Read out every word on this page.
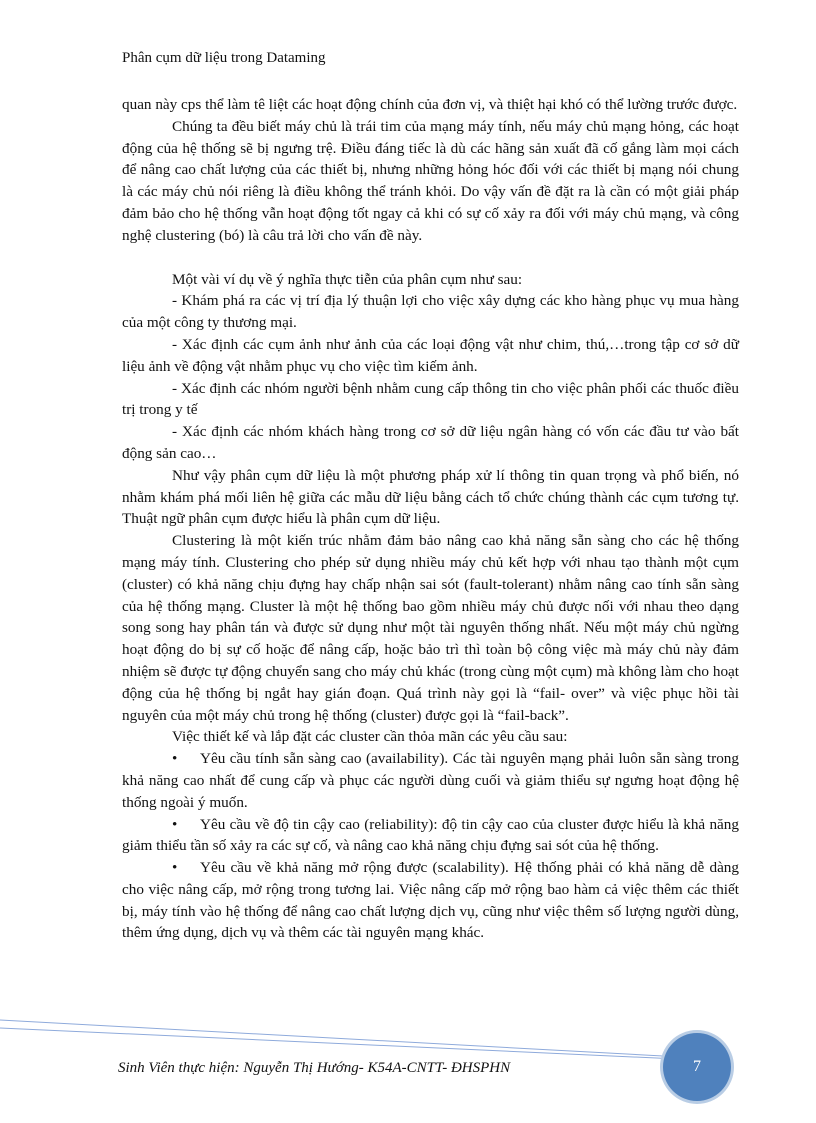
Phân cụm dữ liệu trong Dataming

quan này cps thể làm tê liệt các hoạt động chính của đơn vị, và thiệt hại khó có thể lường trước được.

Chúng ta đều biết máy chủ là trái tim của mạng máy tính, nếu máy chủ mạng hỏng, các hoạt động của hệ thống sẽ bị ngưng trệ. Điều đáng tiếc là dù các hãng sản xuất đã cố gắng làm mọi cách để nâng cao chất lượng của các thiết bị, nhưng những hỏng hóc đối với các thiết bị mạng nói chung là các máy chủ nói riêng là điều không thể tránh khỏi. Do vậy vấn đề đặt ra là cần có một giải pháp đảm bảo cho hệ thống vẫn hoạt động tốt ngay cả khi có sự cố xảy ra đối với máy chủ mạng, và công nghệ clustering (bó) là câu trả lời cho vấn đề này.

Một vài ví dụ về ý nghĩa thực tiễn của phân cụm như sau:

- Khám phá ra các vị trí địa lý thuận lợi cho việc xây dựng các kho hàng phục vụ mua hàng của một công ty thương mại.

- Xác định các cụm ảnh như ảnh của các loại động vật như chim, thú,…trong tập cơ sở dữ liệu ảnh về động vật nhằm phục vụ cho việc tìm kiếm ảnh.

- Xác định các nhóm người bệnh nhằm cung cấp thông tin cho việc phân phối các thuốc điều trị trong y tế

- Xác định các nhóm khách hàng trong cơ sở dữ liệu ngân hàng có vốn các đầu tư vào bất động sản cao…

Như vậy phân cụm dữ liệu là một phương pháp xử lí thông tin quan trọng và phổ biến, nó nhằm khám phá mối liên hệ giữa các mẫu dữ liệu bằng cách tổ chức chúng thành các cụm tương tự. Thuật ngữ phân cụm được hiểu là phân cụm dữ liệu.

Clustering là một kiến trúc nhằm đảm bảo nâng cao khả năng sẵn sàng cho các hệ thống mạng máy tính. Clustering cho phép sử dụng nhiều máy chủ kết hợp với nhau tạo thành một cụm (cluster) có khả năng chịu đựng hay chấp nhận sai sót (fault-tolerant) nhằm nâng cao tính sẵn sàng của hệ thống mạng. Cluster là một hệ thống bao gồm nhiều máy chủ được nối với nhau theo dạng song song hay phân tán và được sử dụng như một tài nguyên thống nhất. Nếu một máy chủ ngừng hoạt động do bị sự cố hoặc để nâng cấp, hoặc bảo trì thì toàn bộ công việc mà máy chủ này đảm nhiệm sẽ được tự động chuyển sang cho máy chủ khác (trong cùng một cụm) mà không làm cho hoạt động của hệ thống bị ngắt hay gián đoạn. Quá trình này gọi là “fail- over” và việc phục hồi tài nguyên của một máy chủ trong hệ thống (cluster) được gọi là “fail-back”.

Việc thiết kế và lắp đặt các cluster cần thỏa mãn các yêu cầu sau:

• Yêu cầu tính sẵn sàng cao (availability). Các tài nguyên mạng phải luôn sẵn sàng trong khả năng cao nhất để cung cấp và phục các người dùng cuối và giảm thiểu sự ngưng hoạt động hệ thống ngoài ý muốn.

• Yêu cầu về độ tin cậy cao (reliability): độ tin cậy cao của cluster được hiểu là khả năng giảm thiểu tần số xảy ra các sự cố, và nâng cao khả năng chịu đựng sai sót của hệ thống.

• Yêu cầu về khả năng mở rộng được (scalability). Hệ thống phải có khả năng dễ dàng cho việc nâng cấp, mở rộng trong tương lai. Việc nâng cấp mở rộng bao hàm cả việc thêm các thiết bị, máy tính vào hệ thống để nâng cao chất lượng dịch vụ, cũng như việc thêm số lượng người dùng, thêm ứng dụng, dịch vụ và thêm các tài nguyên mạng khác.

Sinh Viên thực hiện: Nguyễn Thị Hướng- K54A-CNTT- ĐHSPHN	7
